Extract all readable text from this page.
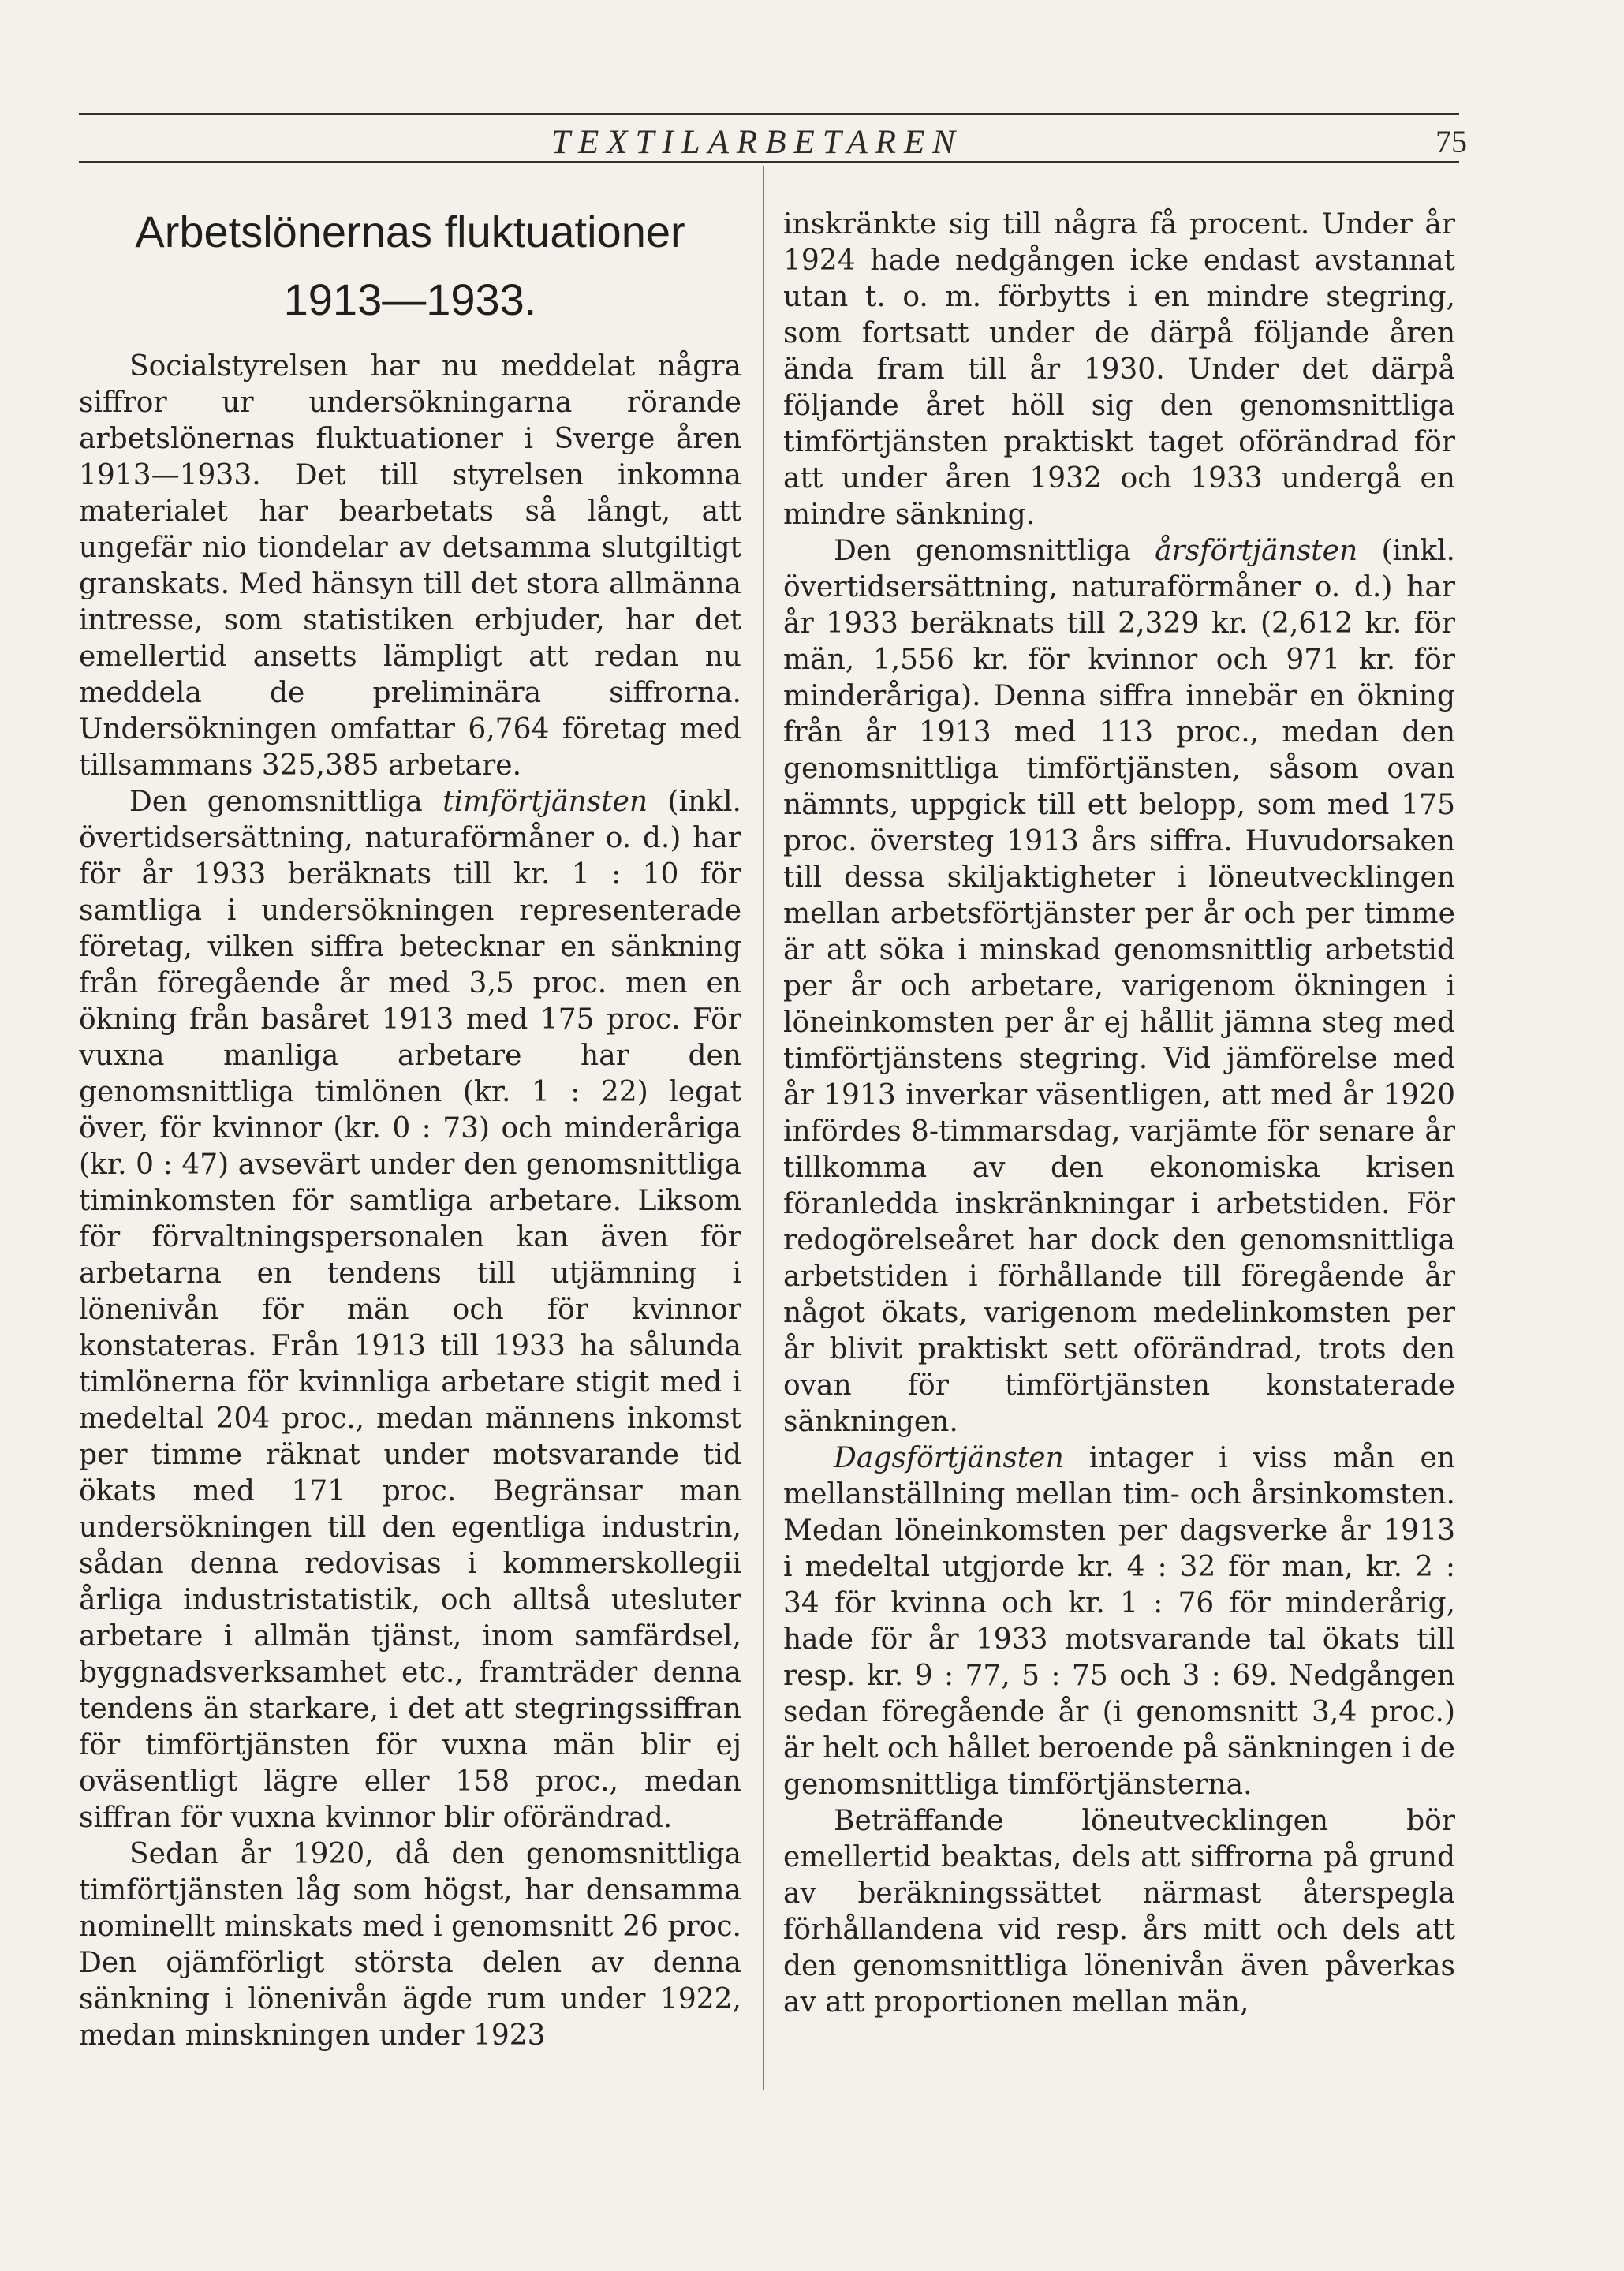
TEXTILARBETAREN	75
Arbetslönernas fluktuationer
1913—1933.

Socialstyrelsen har nu meddelat några siffror ur undersökningarna rörande arbetslönernas fluktuationer i Sverge åren 1913—1933. Det till styrelsen inkomna materialet har bearbetats så långt, att ungefär nio tiondelar av detsamma slutgiltigt granskats. Med hänsyn till det stora allmänna intresse, som statistiken erbjuder, har det emellertid ansetts lämpligt att redan nu meddela de preliminära siffrorna. Undersökningen omfattar 6,764 företag med tillsammans 325,385 arbetare.

Den genomsnittliga timförtjänsten (inkl. övertidsersättning, naturaförmåner o. d.) har för år 1933 beräknats till kr. 1 : 10 för samtliga i undersökningen representerade företag, vilken siffra betecknar en sänkning från föregående år med 3,5 proc. men en ökning från basåret 1913 med 175 proc. För vuxna manliga arbetare har den genomsnittliga timlönen (kr. 1 : 22) legat över, för kvinnor (kr. 0 : 73) och minderåriga (kr. 0 : 47) avsevärt under den genomsnittliga timinkomsten för samtliga arbetare. Liksom för förvaltningspersonalen kan även för arbetarna en tendens till utjämning i lönenivån för män och för kvinnor konstateras. Från 1913 till 1933 ha sålunda timlönerna för kvinnliga arbetare stigit med i medeltal 204 proc., medan männens inkomst per timme räknat under motsvarande tid ökats med 171 proc. Begränsar man undersökningen till den egentliga industrin, sådan denna redovisas i kommerskollegii årliga industristatistik, och alltså utesluter arbetare i allmän tjänst, inom samfärdsel, byggnadsverksamhet etc., framträder denna tendens än starkare, i det att stegringssiffran för timförtjänsten för vuxna män blir ej oväsentligt lägre eller 158 proc., medan siffran för vuxna kvinnor blir oförändrad.

Sedan år 1920, då den genomsnittliga timförtjänsten låg som högst, har densamma nominellt minskats med i genomsnitt 26 proc. Den ojämförligt största delen av denna sänkning i lönenivån ägde rum under 1922, medan minskningen under 1923

inskränkte sig till några få procent. Under år 1924 hade nedgången icke endast avstannat utan t. o. m. förbytts i en mindre stegring, som fortsatt under de därpå följande åren ända fram till år 1930. Under det därpå följande året höll sig den genomsnittliga timförtjänsten praktiskt taget oförändrad för att under åren 1932 och 1933 undergå en mindre sänkning.

Den genomsnittliga årsförtjänsten (inkl. övertidsersättning, naturaförmåner o. d.) har år 1933 beräknats till 2,329 kr. (2,612 kr. för män, 1,556 kr. för kvinnor och 971 kr. för minderåriga). Denna siffra innebär en ökning från år 1913 med 113 proc., medan den genomsnittliga timförtjänsten, såsom ovan nämnts, uppgick till ett belopp, som med 175 proc. översteg 1913 års siffra. Huvudorsaken till dessa skiljaktigheter i löneutvecklingen mellan arbetsförtjänster per år och per timme är att söka i minskad genomsnittlig arbetstid per år och arbetare, varigenom ökningen i löneinkomsten per år ej hållit jämna steg med timförtjänstens stegring. Vid jämförelse med år 1913 inverkar väsentligen, att med år 1920 infördes 8-timmarsdag, varjämte för senare år tillkomma av den ekonomiska krisen föranledda inskränkningar i arbetstiden. För redogörelseåret har dock den genomsnittliga arbetstiden i förhållande till föregående år något ökats, varigenom medelinkomsten per år blivit praktiskt sett oförändrad, trots den ovan för timförtjänsten konstaterade sänkningen.

Dagsförtjänsten intager i viss mån en mellanställning mellan tim- och årsinkomsten. Medan löneinkomsten per dagsverke år 1913 i medeltal utgjorde kr. 4 : 32 för man, kr. 2 : 34 för kvinna och kr. 1 : 76 för minderårig, hade för år 1933 motsvarande tal ökats till resp. kr. 9 : 77, 5 : 75 och 3 : 69. Nedgången sedan föregående år (i genomsnitt 3,4 proc.) är helt och hållet beroende på sänkningen i de genomsnittliga timförtjänsterna.

Beträffande löneutvecklingen bör emellertid beaktas, dels att siffrorna på grund av beräkningssättet närmast återspegla förhållandena vid resp. års mitt och dels att den genomsnittliga lönenivån även påverkas av att proportionen mellan män,
